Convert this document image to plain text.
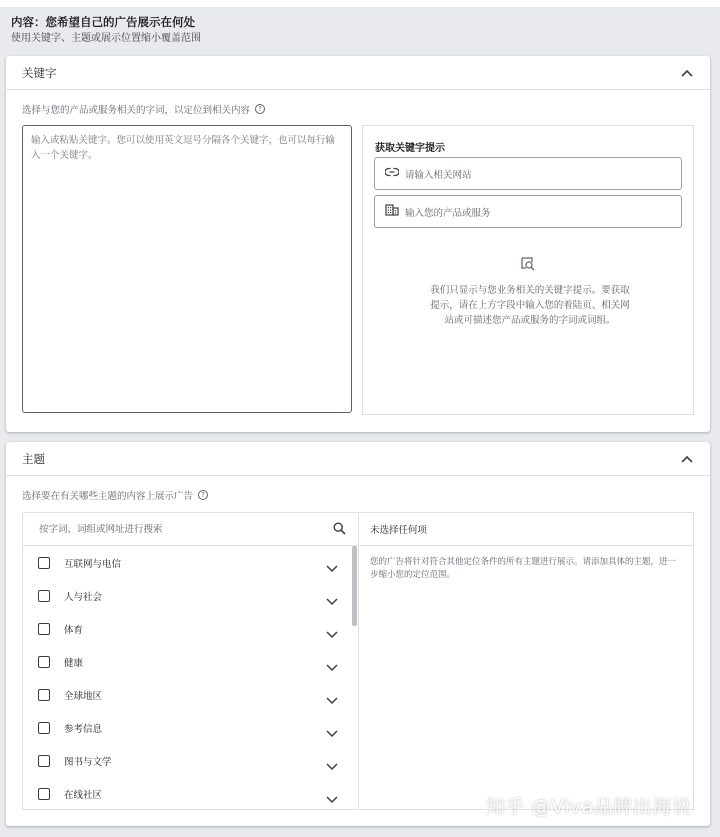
内容：您希望自己的广告展示在何处
使用关键字、主题或展示位置缩小覆盖范围
关键字
选择与您的产品或服务相关的字词，以定位到相关内容	?
输入或粘贴关键字。您可以使用英文逗号分隔各个关键字，也可以每行输入一个关键字。
获取关键字提示
请输入相关网站
输入您的产品或服务
我们只显示与您业务相关的关键字提示。要获取提示，请在上方字段中输入您的着陆页、相关网站或可描述您产品或服务的字词或词组。
主题
选择要在有关哪些主题的内容上展示广告	?
按字词、词组或网址进行搜索
互联网与电信
人与社会
体育
健康
全球地区
参考信息
图书与文学
在线社区
未选择任何项
您的广告将针对符合其他定位条件的所有主题进行展示。请添加具体的主题，进一步缩小您的定位范围。
知乎 @Viva品牌出海说
